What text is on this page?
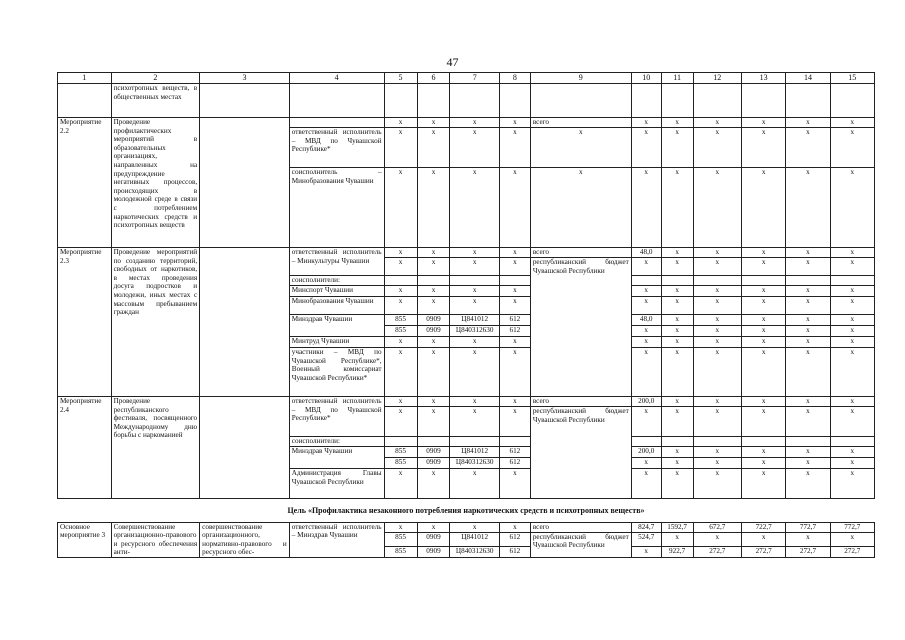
47
1	2	3	4	5	6	7	8	9	10	11	12	13	14	15
	психотропных веществ, в общественных местах													
Мероприятие 2.2	Проведение профилактических мероприятий в образовательных организациях, направленных на предупреждение негативных процессов, происходящих в молодежной среде в связи с потреблением наркотических средств и психотропных веществ			х	х	х	х	всего	х	х	х	х	х	х
			ответственный исполнитель – МВД по Чувашской Республике*	х	х	х	х	х	х	х	х	х	х	х
			соисполнитель – Минобразования Чувашии	х	х	х	х	х	х	х	х	х	х	х
Мероприятие 2.3	Проведение мероприятий по созданию территорий, свободных от наркотиков, в местах проведения досуга подростков и молодежи, иных местах с массовым пребыванием граждан		ответственный исполнитель – Минкультуры Чувашии	х	х	х	х	всего	48,0	х	х	х	х	х
				х	х	х	х	республиканский бюджет Чувашской Республики	х	х	х	х	х	х
			соисполнители:											
			Минспорт Чувашии	х	х	х	х		х	х	х	х	х	х
			Минобразования Чувашии	х	х	х	х		х	х	х	х	х	х
			Минздрав Чувашии	855	0909	Ц841012	612		48,0	х	х	х	х	х
				855	0909	Ц840312630	612		х	х	х	х	х	х
			Минтруд Чувашии	х	х	х	х		х	х	х	х	х	х
			участники – МВД по Чувашской Республике*, Военный комиссариат Чувашской Республики*	х	х	х	х		х	х	х	х	х	х
Мероприятие 2.4	Проведение республиканского фестиваля, посвященного Международному дню борьбы с наркоманией		ответственный исполнитель – МВД по Чувашской Республике*	х	х	х	х	всего	200,0	х	х	х	х	х
				х	х	х	х	республиканский бюджет Чувашской Республики	х	х	х	х	х	х
			соисполнители:											
			Минздрав Чувашии	855	0909	Ц841012	612		200,0	х	х	х	х	х
				855	0909	Ц840312630	612		х	х	х	х	х	х
			Администрация Главы Чувашской Республики	х	х	х	х		х	х	х	х	х	х
Цель «Профилактика незаконного потребления наркотических средств и психотропных веществ»														
Основное мероприятие 3	Совершенствование организационно-правового и ресурсного обеспечения анти-	совершенствование организационного, нормативно-правового и ресурсного обес-	ответственный исполнитель – Минздрав Чувашии	х	х	х	х	всего	824,7	1592,7	672,7	722,7	772,7	772,7
				855	0909	Ц841012	612	республиканский бюджет Чувашской Республики	524,7	х	х	х	х	х
				855	0909	Ц840312630	612		х	922,7	272,7	272,7	272,7	272,7
